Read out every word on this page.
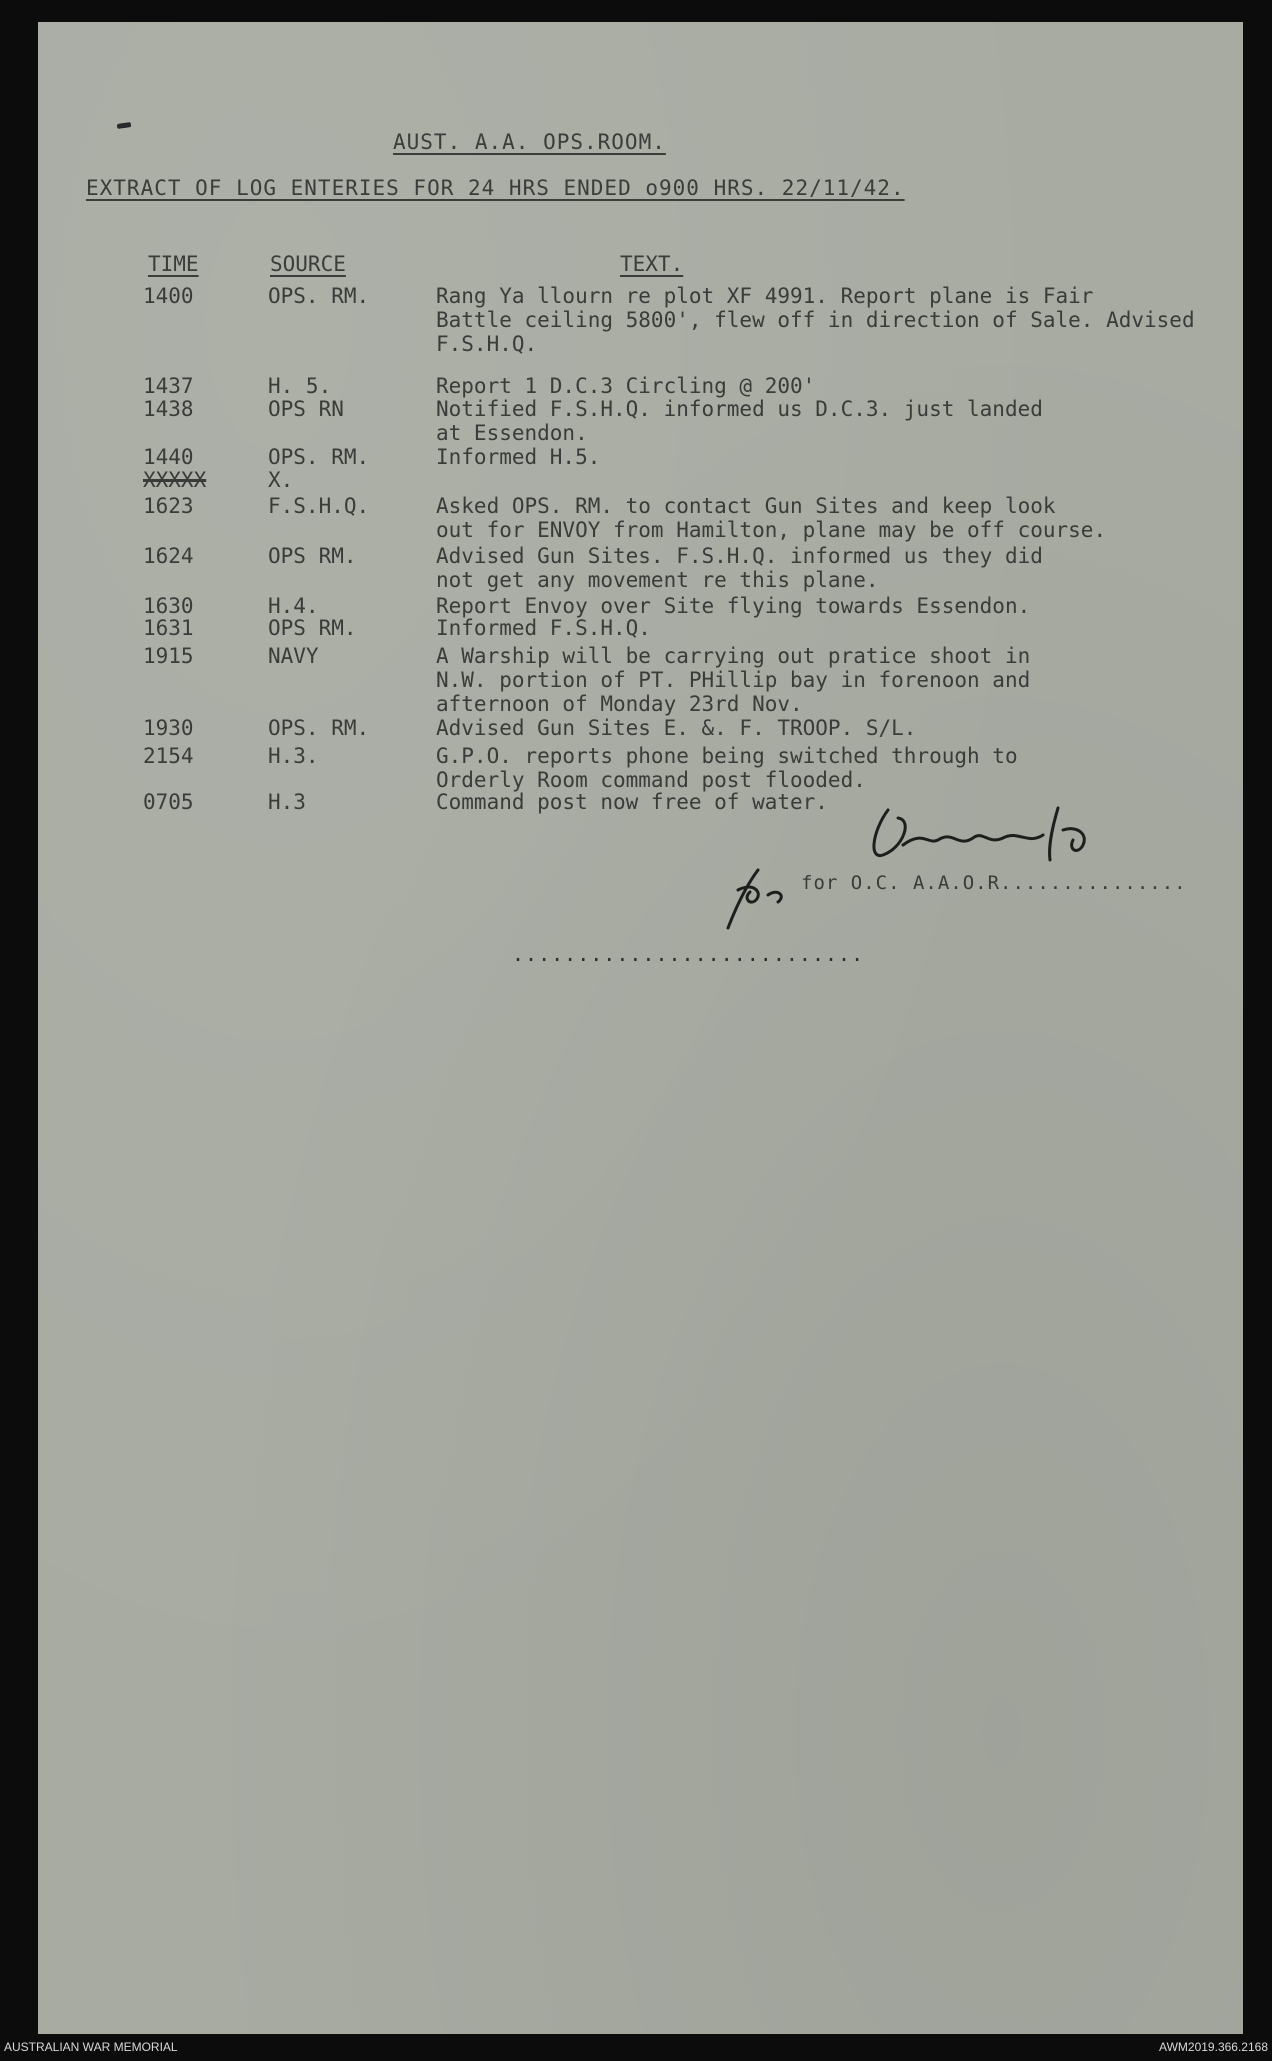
AUST. A.A. OPS.ROOM.
EXTRACT OF LOG ENTERIES FOR 24 HRS ENDED o900 HRS. 22/11/42.
TIME	SOURCE	TEXT.
1400	OPS. RM.	Rang Ya llourn re plot XF 4991. Report plane is Fair
Battle ceiling 5800', flew off in direction of Sale. Advised
F.S.H.Q.
1437	H. 5.	Report 1 D.C.3 Circling @ 200'
1438	OPS RN	Notified F.S.H.Q. informed us D.C.3. just landed
at Essendon.
1440	OPS. RM.	Informed H.5.
XXXXX	X.
1623	F.S.H.Q.	Asked OPS. RM. to contact Gun Sites and keep look
out for ENVOY from Hamilton, plane may be off course.
1624	OPS RM.	Advised Gun Sites. F.S.H.Q. informed us they did
not get any movement re this plane.
1630	H.4.	Report Envoy over Site flying towards Essendon.
1631	OPS RM.	Informed F.S.H.Q.
1915	NAVY	A Warship will be carrying out pratice shoot in
N.W. portion of PT. PHillip bay in forenoon and
afternoon of Monday 23rd Nov.
1930	OPS. RM.	Advised Gun Sites E. &. F. TROOP. S/L.
2154	H.3.	G.P.O. reports phone being switched through to
Orderly Room command post flooded.
0705	H.3	Command post now free of water.
for O.C. A.A.O.R...............
...........................
AUSTRALIAN WAR MEMORIAL	AWM2019.366.2168
